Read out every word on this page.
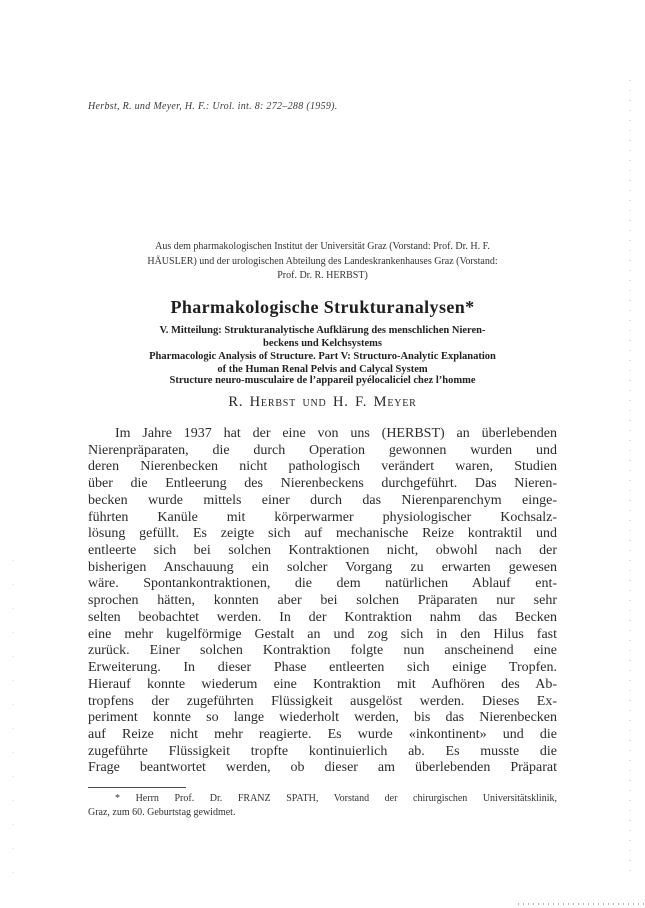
Herbst, R. und Meyer, H. F.: Urol. int. 8: 272–288 (1959).
Aus dem pharmakologischen Institut der Universität Graz (Vorstand: Prof. Dr. H. F.
HÄUSLER) und der urologischen Abteilung des Landeskrankenhauses Graz (Vorstand:
Prof. Dr. R. HERBST)
Pharmakologische Strukturanalysen*
V. Mitteilung: Strukturanalytische Aufklärung des menschlichen Nieren-
beckens und Kelchsystems
Pharmacologic Analysis of Structure. Part V: Structuro-Analytic Explanation
of the Human Renal Pelvis and Calycal System
Structure neuro-musculaire de l’appareil pyélocaliciel chez l’homme
R. Herbst und H. F. Meyer
Im Jahre 1937 hat der eine von uns (HERBST) an überlebenden
Nierenpräparaten, die durch Operation gewonnen wurden und
deren Nierenbecken nicht pathologisch verändert waren, Studien
über die Entleerung des Nierenbeckens durchgeführt. Das Nieren-
becken wurde mittels einer durch das Nierenparenchym einge-
führten Kanüle mit körperwarmer physiologischer Kochsalz-
lösung gefüllt. Es zeigte sich auf mechanische Reize kontraktil und
entleerte sich bei solchen Kontraktionen nicht, obwohl nach der
bisherigen Anschauung ein solcher Vorgang zu erwarten gewesen
wäre. Spontankontraktionen, die dem natürlichen Ablauf ent-
sprochen hätten, konnten aber bei solchen Präparaten nur sehr
selten beobachtet werden. In der Kontraktion nahm das Becken
eine mehr kugelförmige Gestalt an und zog sich in den Hilus fast
zurück. Einer solchen Kontraktion folgte nun anscheinend eine
Erweiterung. In dieser Phase entleerten sich einige Tropfen.
Hierauf konnte wiederum eine Kontraktion mit Aufhören des Ab-
tropfens der zugeführten Flüssigkeit ausgelöst werden. Dieses Ex-
periment konnte so lange wiederholt werden, bis das Nierenbecken
auf Reize nicht mehr reagierte. Es wurde «inkontinent» und die
zugeführte Flüssigkeit tropfte kontinuierlich ab. Es musste die
Frage beantwortet werden, ob dieser am überlebenden Präparat
* Herrn Prof. Dr. FRANZ SPATH, Vorstand der chirurgischen Universitätsklinik,
Graz, zum 60. Geburtstag gewidmet.
